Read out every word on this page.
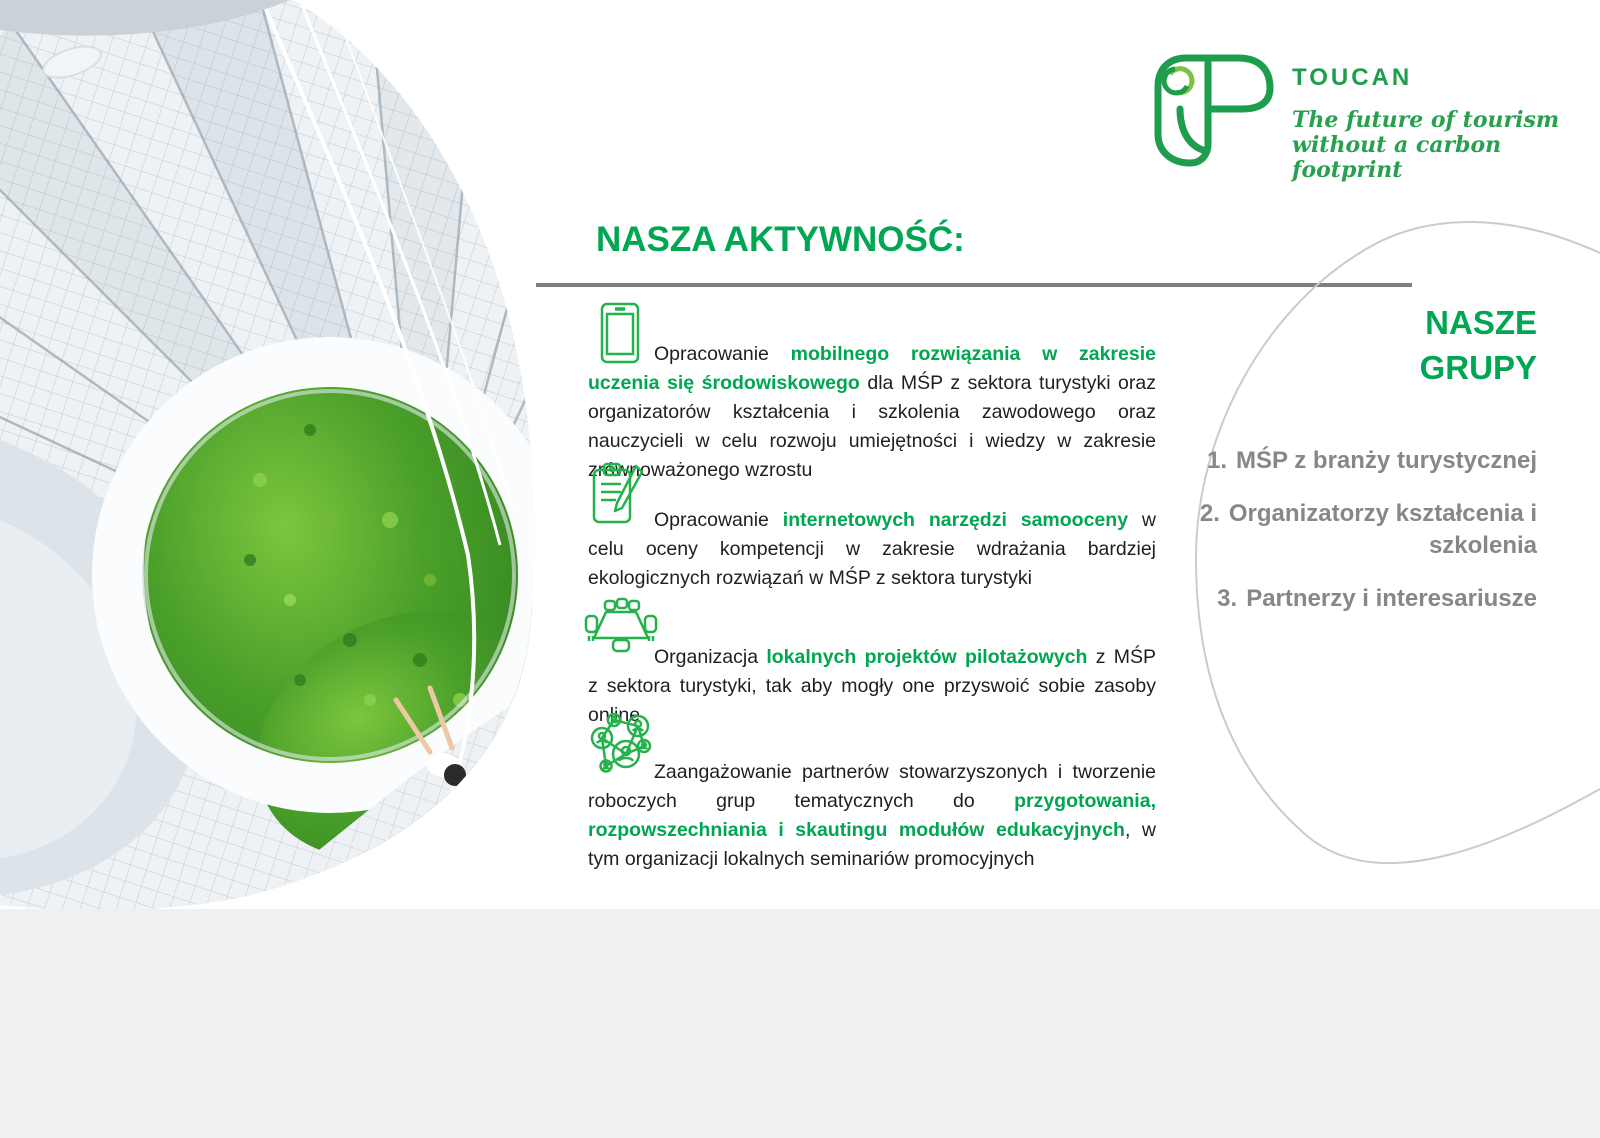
TOUCAN
The future of tourism
without a carbon footprint
NASZA AKTYWNOŚĆ:

Opracowanie mobilnego rozwiązania w zakresie uczenia się środowiskowego dla MŚP z sektora turystyki oraz organizatorów kształcenia i szkolenia zawodowego oraz nauczycieli w celu rozwoju umiejętności i wiedzy w zakresie zrównoważonego wzrostu

Opracowanie internetowych narzędzi samooceny w celu oceny kompetencji w zakresie wdrażania bardziej ekologicznych rozwiązań w MŚP z sektora turystyki

Organizacja lokalnych projektów pilotażowych z MŚP z sektora turystyki, tak aby mogły one przyswoić sobie zasoby online

Zaangażowanie partnerów stowarzyszonych i tworzenie roboczych grup tematycznych do przygotowania, rozpowszechniania i skautingu modułów edukacyjnych, w tym organizacji lokalnych seminariów promocyjnych

NASZE
GRUPY
1. MŚP z branży turystycznej
2. Organizatorzy kształcenia i szkolenia
3. Partnerzy i interesariusze
